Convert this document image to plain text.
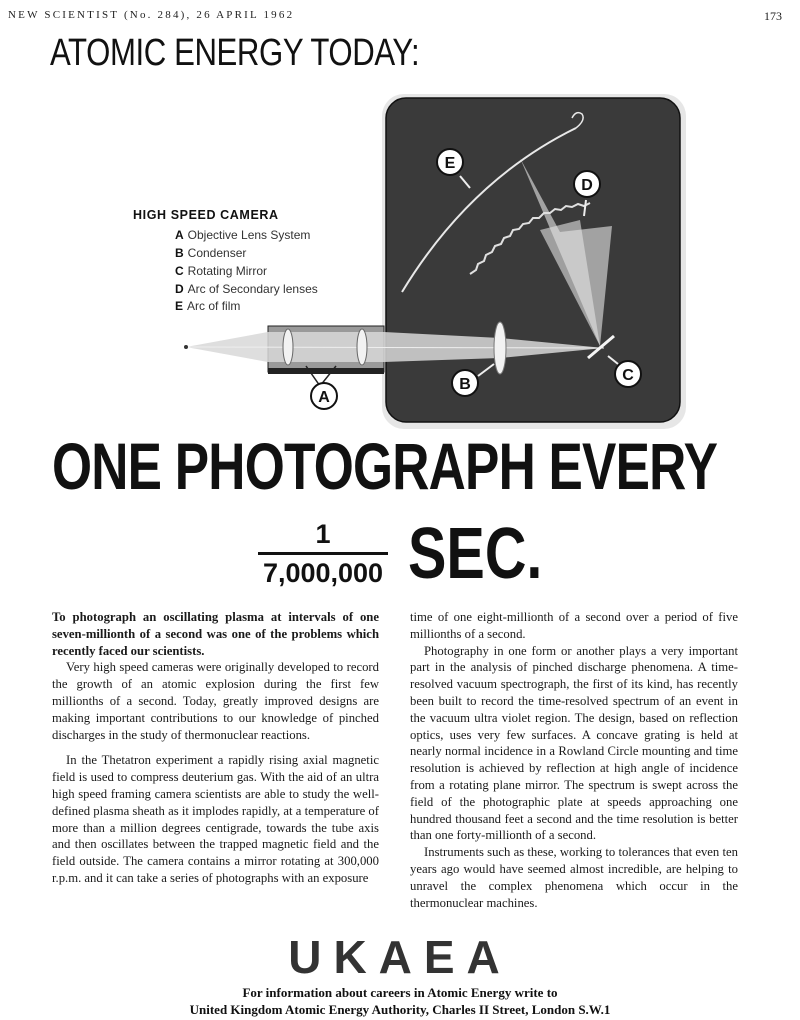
NEW SCIENTIST (No. 284), 26 APRIL 1962	173
ATOMIC ENERGY TODAY:
A
B
C
D
E
HIGH SPEED CAMERA
A Objective Lens System
B Condenser
C Rotating Mirror
D Arc of Secondary lenses
E Arc of film
ONE PHOTOGRAPH EVERY
1
7,000,000 SEC.

To photograph an oscillating plasma at intervals of one seven-millionth of a second was one of the problems which recently faced our scientists.

Very high speed cameras were originally developed to record the growth of an atomic explosion during the first few millionths of a second. Today, greatly improved designs are making important contributions to our knowledge of pinched discharges in the study of thermonuclear reactions.

In the Thetatron experiment a rapidly rising axial magnetic field is used to compress deuterium gas. With the aid of an ultra high speed framing camera scientists are able to study the well-defined plasma sheath as it implodes rapidly, at a temperature of more than a million degrees centigrade, towards the tube axis and then oscillates between the trapped magnetic field and the field outside. The camera contains a mirror rotating at 300,000 r.p.m. and it can take a series of photographs with an exposure

time of one eight-millionth of a second over a period of five millionths of a second.

Photography in one form or another plays a very important part in the analysis of pinched discharge phenomena. A time-resolved vacuum spectrograph, the first of its kind, has recently been built to record the time-resolved spectrum of an event in the vacuum ultra violet region. The design, based on reflection optics, uses very few surfaces. A concave grating is held at nearly normal incidence in a Rowland Circle mounting and time resolution is achieved by reflection at high angle of incidence from a rotating plane mirror. The spectrum is swept across the field of the photographic plate at speeds approaching one hundred thousand feet a second and the time resolution is better than one forty-millionth of a second.

Instruments such as these, working to tolerances that even ten years ago would have seemed almost incredible, are helping to unravel the complex phenomena which occur in the thermonuclear machines.

UKAEA
For information about careers in Atomic Energy write to
United Kingdom Atomic Energy Authority, Charles II Street, London S.W.1
